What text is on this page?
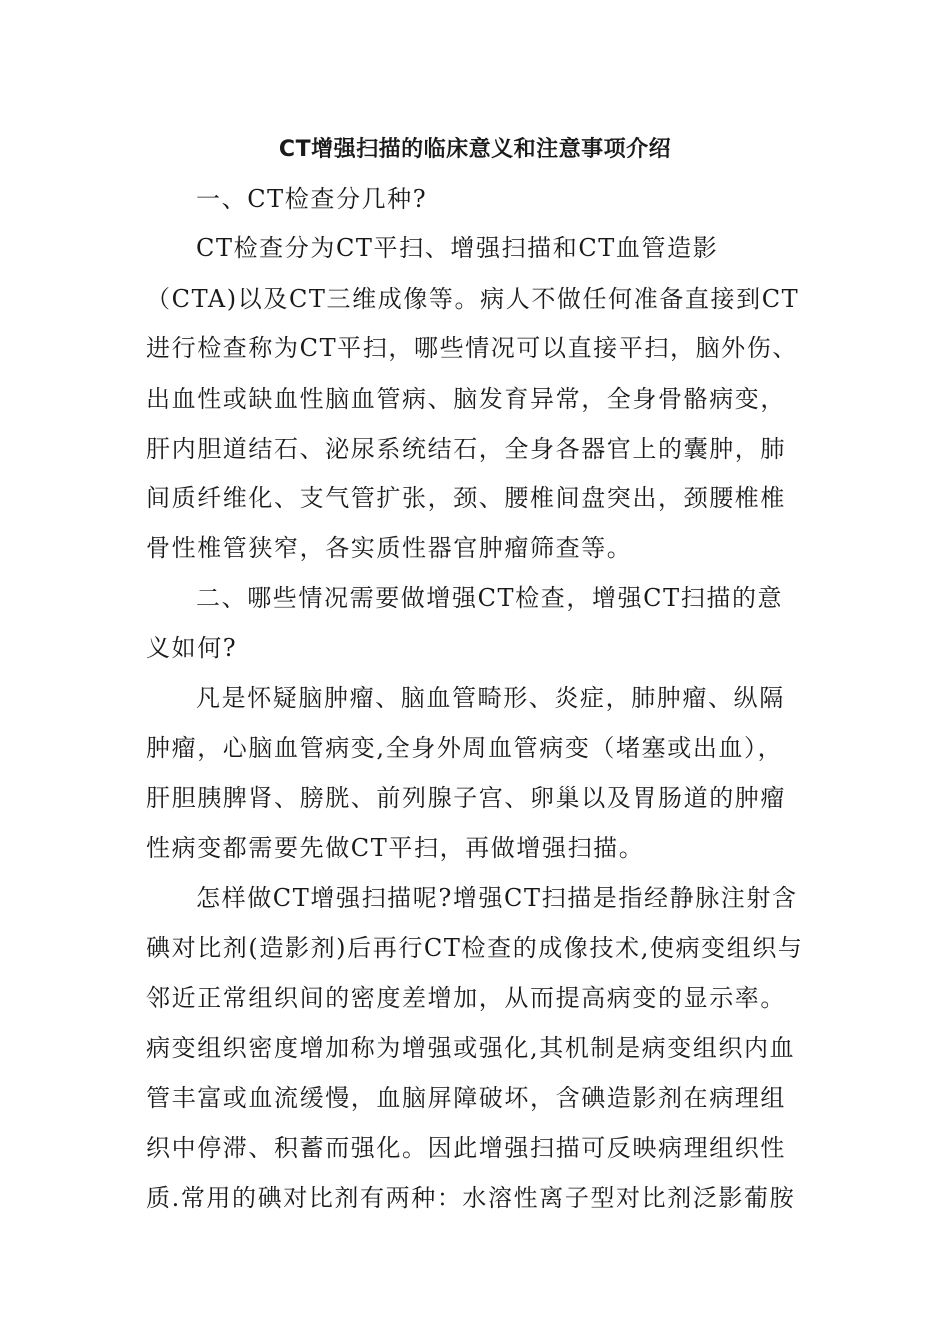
CT增强扫描的临床意义和注意事项介绍
一、CT检查分几种?
CT检查分为CT平扫、增强扫描和CT血管造影
（CTA)以及CT三维成像等。病人不做任何准备直接到CT
进行检查称为CT平扫，哪些情况可以直接平扫，脑外伤、
出血性或缺血性脑血管病、脑发育异常，全身骨骼病变，
肝内胆道结石、泌尿系统结石，全身各器官上的囊肿，肺
间质纤维化、支气管扩张，颈、腰椎间盘突出，颈腰椎椎
骨性椎管狭窄，各实质性器官肿瘤筛查等。
二、哪些情况需要做增强CT检查，增强CT扫描的意
义如何?
凡是怀疑脑肿瘤、脑血管畸形、炎症，肺肿瘤、纵隔
肿瘤，心脑血管病变,全身外周血管病变（堵塞或出血），
肝胆胰脾肾、膀胱、前列腺子宫、卵巢以及胃肠道的肿瘤
性病变都需要先做CT平扫，再做增强扫描。
怎样做CT增强扫描呢?增强CT扫描是指经静脉注射含
碘对比剂(造影剂)后再行CT检查的成像技术,使病变组织与
邻近正常组织间的密度差增加，从而提高病变的显示率。
病变组织密度增加称为增强或强化,其机制是病变组织内血
管丰富或血流缓慢，血脑屏障破坏，含碘造影剂在病理组
织中停滞、积蓄而强化。因此增强扫描可反映病理组织性
质.常用的碘对比剂有两种：水溶性离子型对比剂泛影葡胺
